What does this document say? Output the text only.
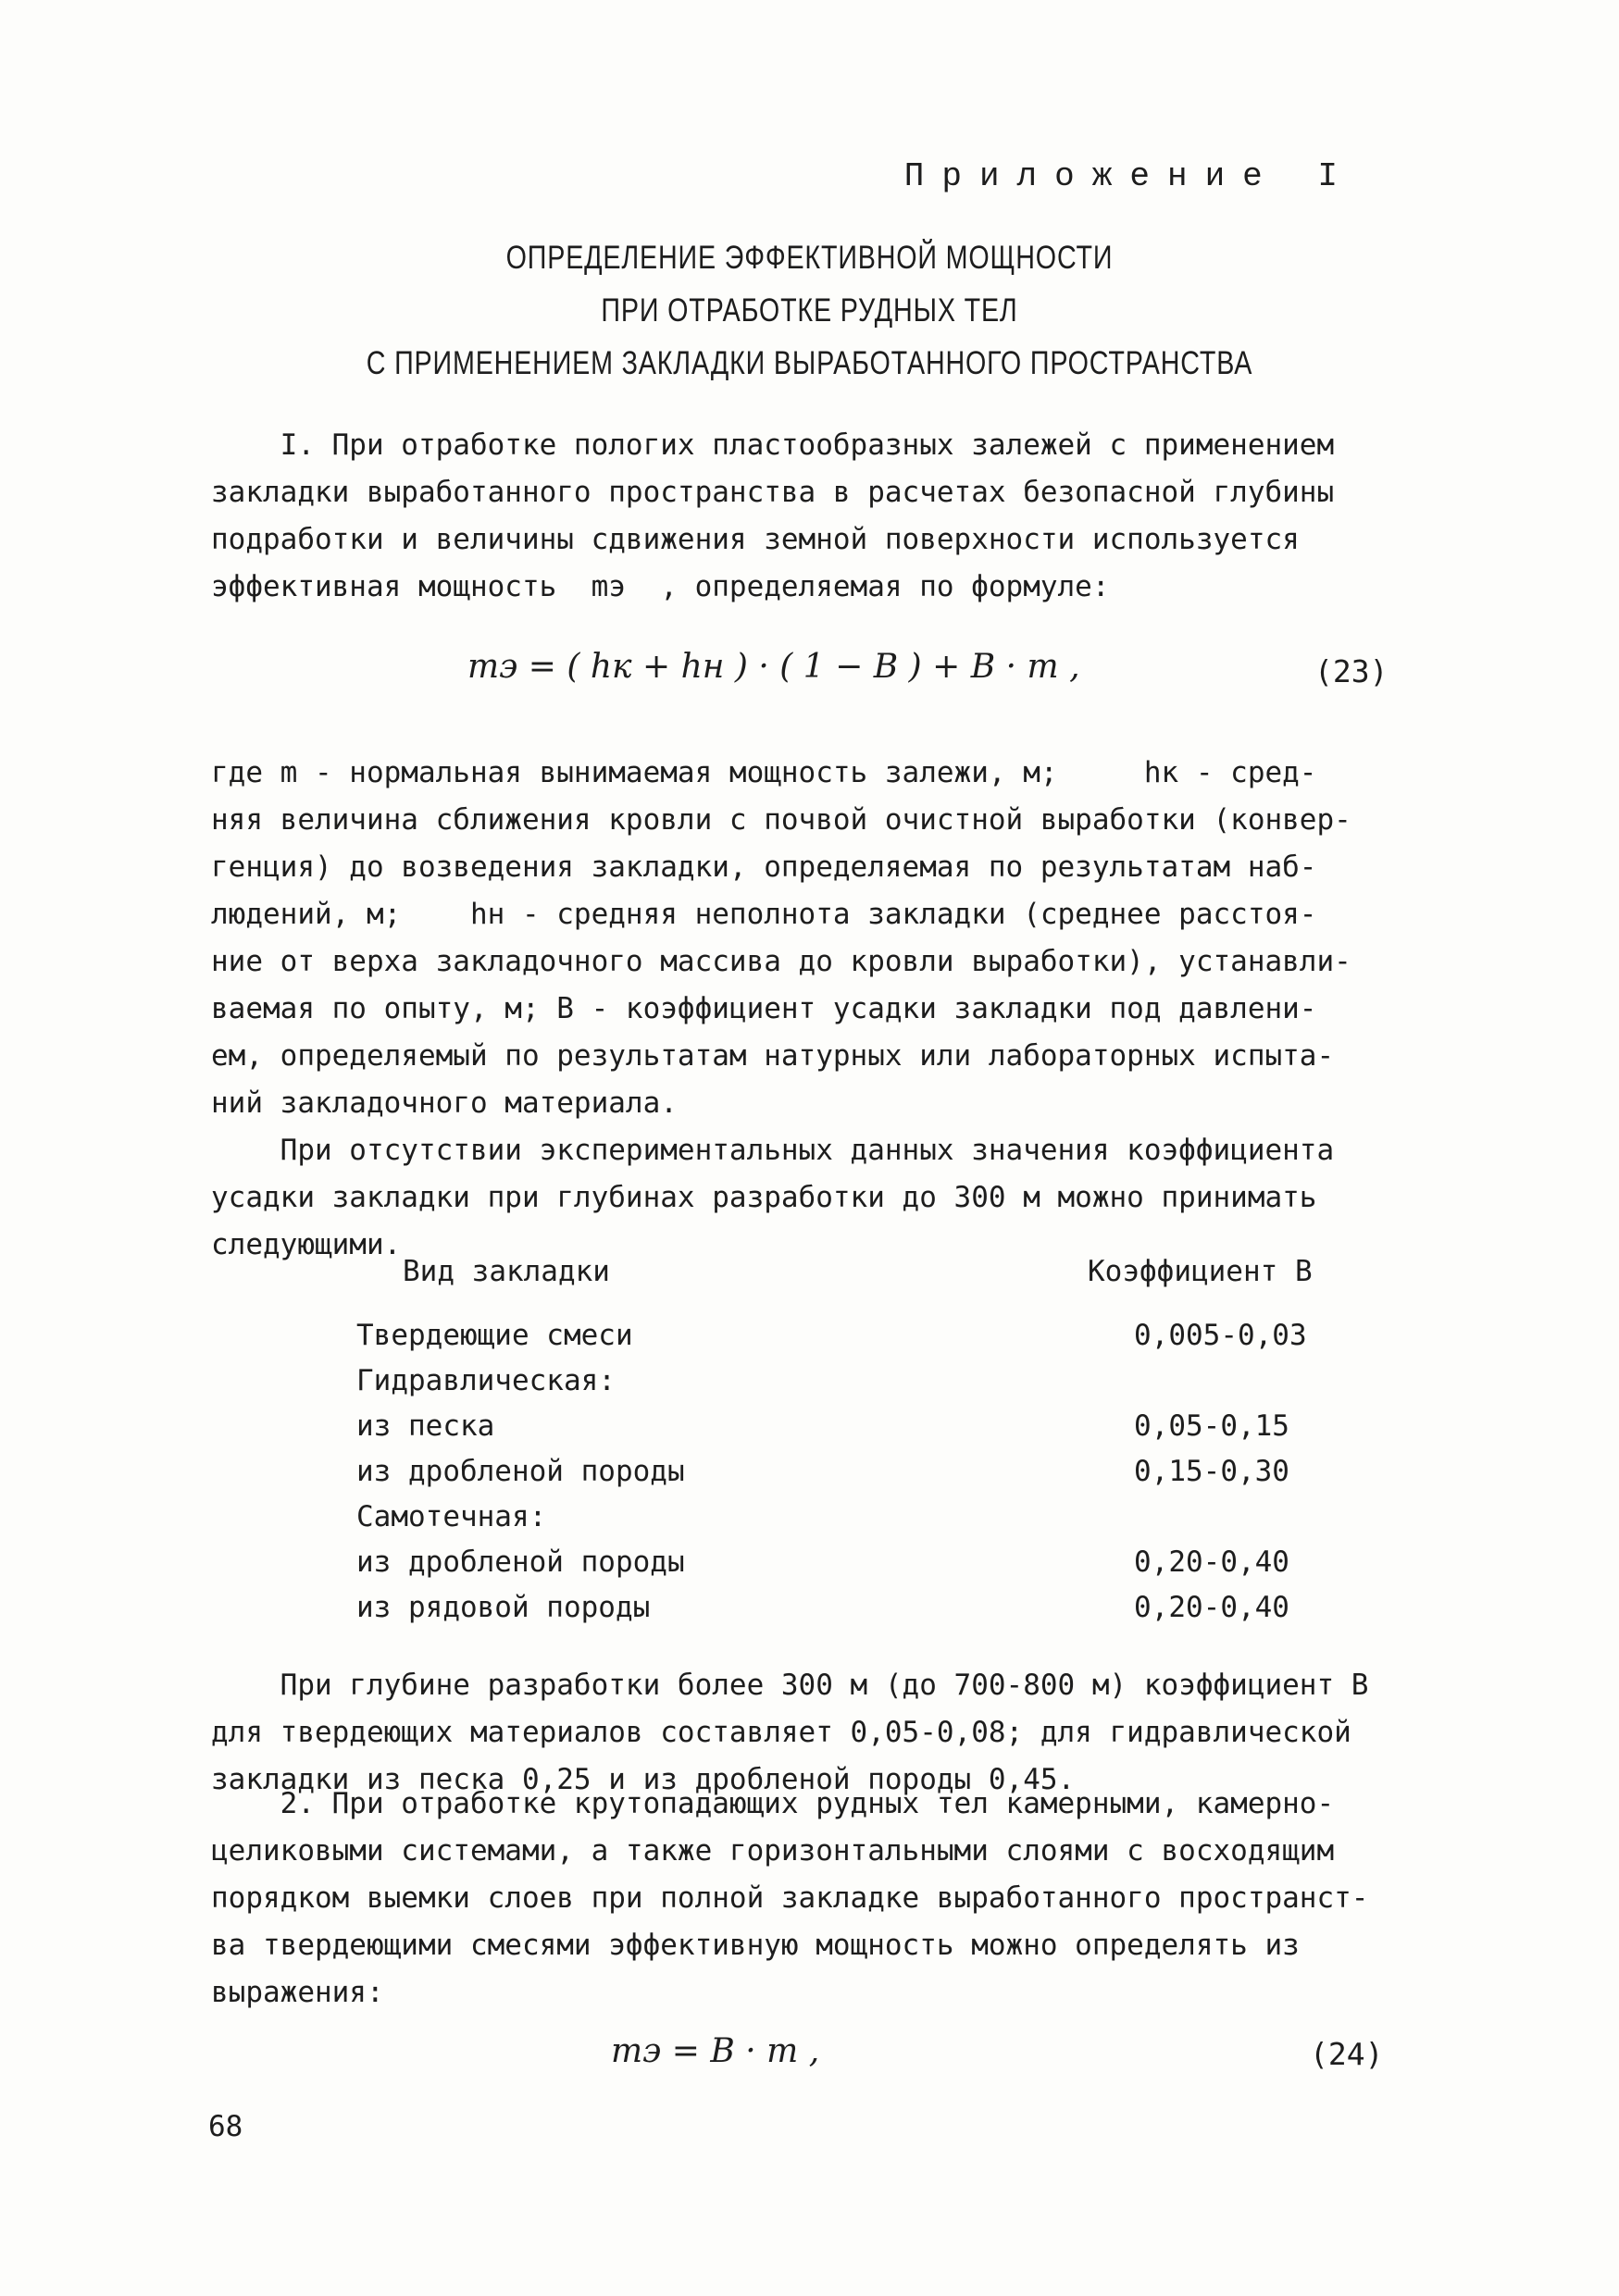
Приложение I
ОПРЕДЕЛЕНИЕ ЭФФЕКТИВНОЙ МОЩНОСТИ
ПРИ ОТРАБОТКЕ РУДНЫХ ТЕЛ
С ПРИМЕНЕНИЕМ ЗАКЛАДКИ ВЫРАБОТАННОГО ПРОСТРАНСТВА
I. При отработке пологих пластообразных залежей с применением
закладки выработанного пространства в расчетах безопасной глубины
подработки и величины сдвижения земной поверхности используется
эффективная мощность  mэ  , определяемая по формуле:
mэ = ( hк + hн ) · ( 1 − B ) + B · m ,	(23)
где m - нормальная вынимаемая мощность залежи, м;     hк - сред-
няя величина сближения кровли с почвой очистной выработки (конвер-
генция) до возведения закладки, определяемая по результатам наб-
людений, м;    hн - средняя неполнота закладки (среднее расстоя-
ние от верха закладочного массива до кровли выработки), устанавли-
ваемая по опыту, м; В - коэффициент усадки закладки под давлени-
ем, определяемый по результатам натурных или лабораторных испыта-
ний закладочного материала.
При отсутствии экспериментальных данных значения коэффициента
усадки закладки при глубинах разработки до 300 м можно принимать
следующими.
Вид закладки	Коэффициент В
Твердеющие смеси	0,005-0,03
Гидравлическая:
из песка	0,05-0,15
из дробленой породы	0,15-0,30
Самотечная:
из дробленой породы	0,20-0,40
из рядовой породы	0,20-0,40
При глубине разработки более 300 м (до 700-800 м) коэффициент В
для твердеющих материалов составляет 0,05-0,08; для гидравлической
закладки из песка 0,25 и из дробленой породы 0,45.
2. При отработке крутопадающих рудных тел камерными, камерно-
целиковыми системами, а также горизонтальными слоями с восходящим
порядком выемки слоев при полной закладке выработанного пространст-
ва твердеющими смесями эффективную мощность можно определять из
выражения:
mэ = B · m ,	(24)
68
